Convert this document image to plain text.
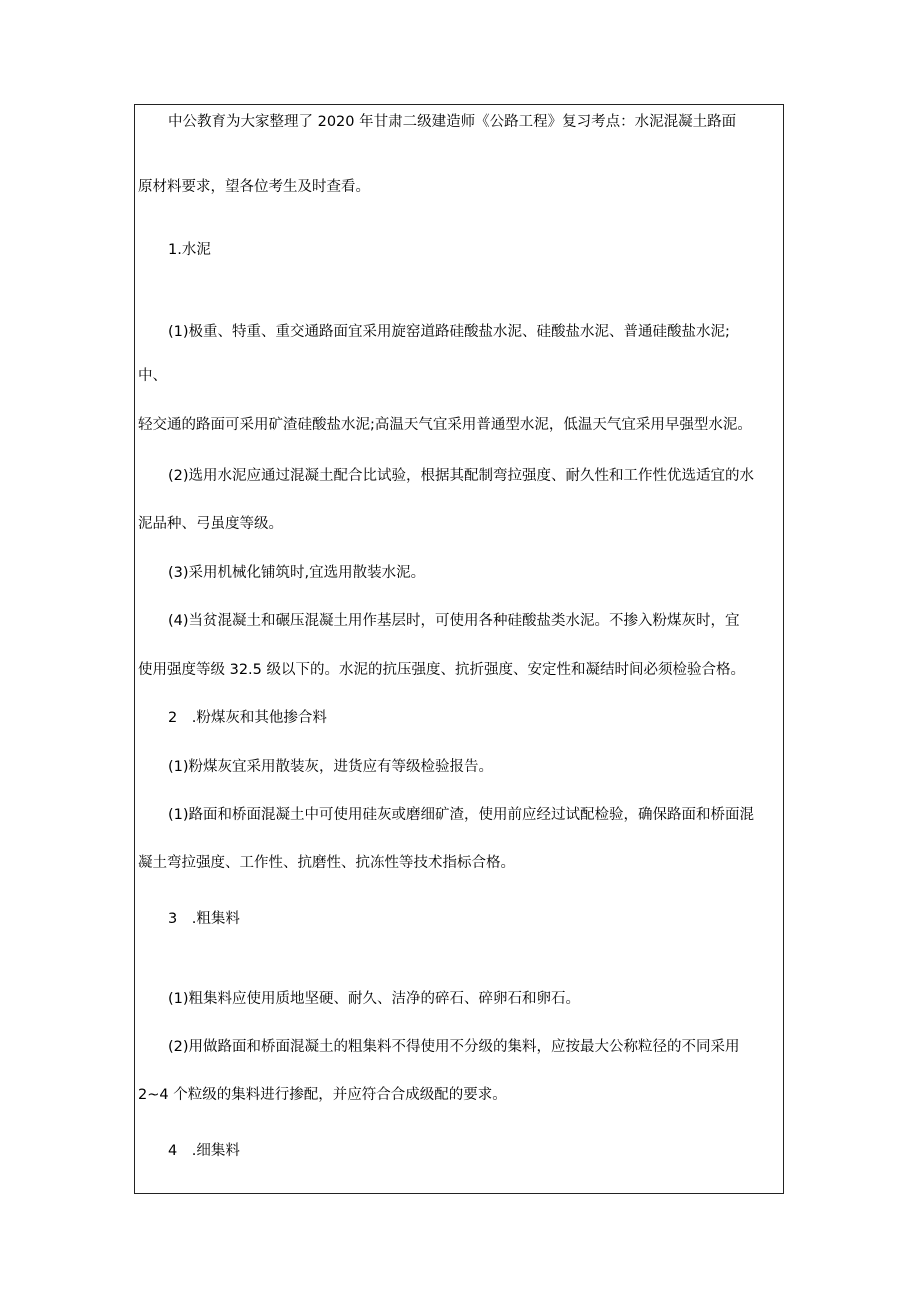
中公教育为大家整理了 2020 年甘肃二级建造师《公路工程》复习考点：水泥混凝土路面
原材料要求，望各位考生及时查看。
1.水泥
(1)极重、特重、重交通路面宜采用旋窑道路硅酸盐水泥、硅酸盐水泥、普通硅酸盐水泥;
中、
轻交通的路面可采用矿渣硅酸盐水泥;高温天气宜采用普通型水泥，低温天气宜采用早强型水泥。
(2)选用水泥应通过混凝土配合比试验，根据其配制弯拉强度、耐久性和工作性优选适宜的水
泥品种、弓虽度等级。
(3)采用机械化铺筑时,宜选用散装水泥。
(4)当贫混凝土和碾压混凝土用作基层时，可使用各种硅酸盐类水泥。不掺入粉煤灰时，宜
使用强度等级 32.5 级以下的。水泥的抗压强度、抗折强度、安定性和凝结时间必须检验合格。
2　.粉煤灰和其他掺合料
(1)粉煤灰宜采用散装灰，进货应有等级检验报告。
(1)路面和桥面混凝土中可使用硅灰或磨细矿渣，使用前应经过试配检验，确保路面和桥面混
凝土弯拉强度、工作性、抗磨性、抗冻性等技术指标合格。
3　.粗集料
(1)粗集料应使用质地坚硬、耐久、洁净的碎石、碎卵石和卵石。
(2)用做路面和桥面混凝土的粗集料不得使用不分级的集料，应按最大公称粒径的不同采用
2~4 个粒级的集料进行掺配，并应符合合成级配的要求。
4　.细集料
